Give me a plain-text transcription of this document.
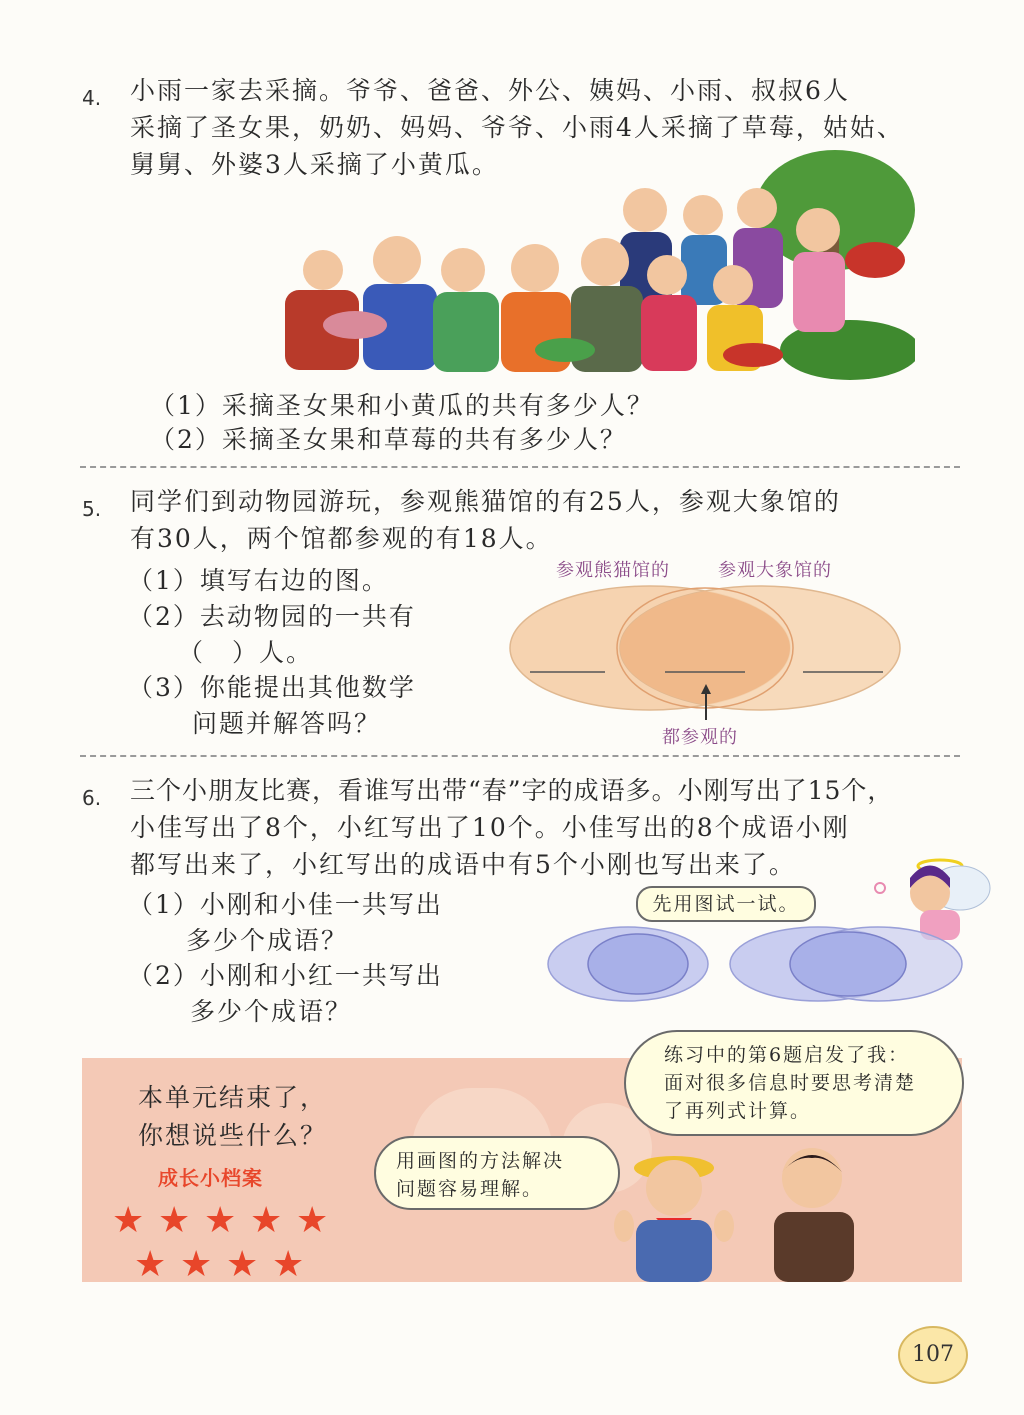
4. 小雨一家去采摘。爷爷、爸爸、外公、姨妈、小雨、叔叔6人
采摘了圣女果，奶奶、妈妈、爷爷、小雨4人采摘了草莓，姑姑、
舅舅、外婆3人采摘了小黄瓜。
（1）采摘圣女果和小黄瓜的共有多少人？
（2）采摘圣女果和草莓的共有多少人？
5. 同学们到动物园游玩，参观熊猫馆的有25人，参观大象馆的
有30人，两个馆都参观的有18人。
（1）填写右边的图。
（2）去动物园的一共有
（　）人。
（3）你能提出其他数学
问题并解答吗？
参观熊猫馆的	参观大象馆的
都参观的
6. 三个小朋友比赛，看谁写出带“春”字的成语多。小刚写出了15个，
小佳写出了8个，小红写出了10个。小佳写出的8个成语小刚
都写出来了，小红写出的成语中有5个小刚也写出来了。
（1）小刚和小佳一共写出
多少个成语？
（2）小刚和小红一共写出
多少个成语？
先用图试一试。
本单元结束了，
你想说些什么？
成长小档案
★ ★ ★ ★ ★
★ ★ ★ ★
用画图的方法解决
问题容易理解。
练习中的第6题启发了我：
面对很多信息时要思考清楚
了再列式计算。
107
